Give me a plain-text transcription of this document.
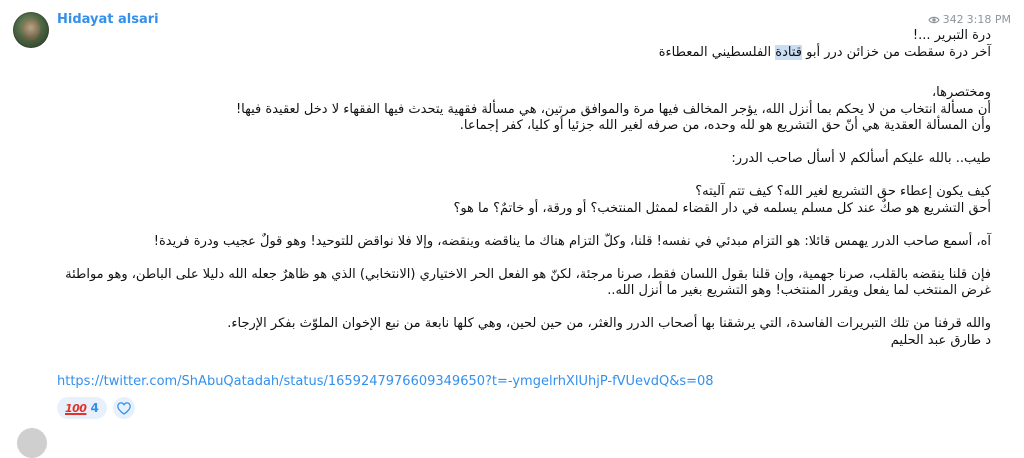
Hidayat alsari	342 3:18 PM

درة التبرير ...!

آخر درة سقطت من خزائن درر أبو قتادة الفلسطيني المعطاءة

ومختصرها،

أن مسألة انتخاب من لا يحكم بما أنزل الله، يؤجر المخالف فيها مرة والموافق مرتين، هي مسألة فقهية يتحدث فيها الفقهاء لا دخل لعقيدة فيها!

وأن المسألة العقدية هي أنّ حق التشريع هو لله وحده، من صرفه لغير الله جزئيا أو كليا، كفر إجماعا.

طيب.. بالله عليكم أسألكم لا أسأل صاحب الدرر:

كيف يكون إعطاء حق التشريع لغير الله؟ كيف تتم آليته؟

أحق التشريع هو صكٌ عند كل مسلم يسلمه في دار القضاء لممثل المنتخب؟ أو ورقة، أو خاتمٌ؟ ما هو؟

آه، أسمع صاحب الدرر يهمس قائلا: هو التزام مبدئي في نفسه! قلنا، وكلّ التزام هناك ما يناقضه وينقضه، وإلا فلا نواقض للتوحيد! وهو قولٌ عجيب ودرة فريدة!

فإن قلنا ينقضه بالقلب، صرنا جهمية، وإن قلنا بقول اللسان فقط، صرنا مرجئة، لكنّ هو الفعل الحر الاختياري (الانتخابي) الذي هو ظاهرٌ جعله الله دليلا على الباطن، وهو مواطئة

غرض المنتخب لما يفعل ويقرر المنتخب! وهو التشريع بغير ما أنزل الله..

والله قرفنا من تلك التبريرات الفاسدة، التي يرشقنا بها أصحاب الدرر والغثر، من حين لحين، وهي كلها نابعة من نبع الإخوان الملوّث بفكر الإرجاء.

د طارق عبد الحليم

https://twitter.com/ShAbuQatadah/status/1659247976609349650?t=-ymgelrhXlUhjP-fVUevdQ&s=08
100 4
